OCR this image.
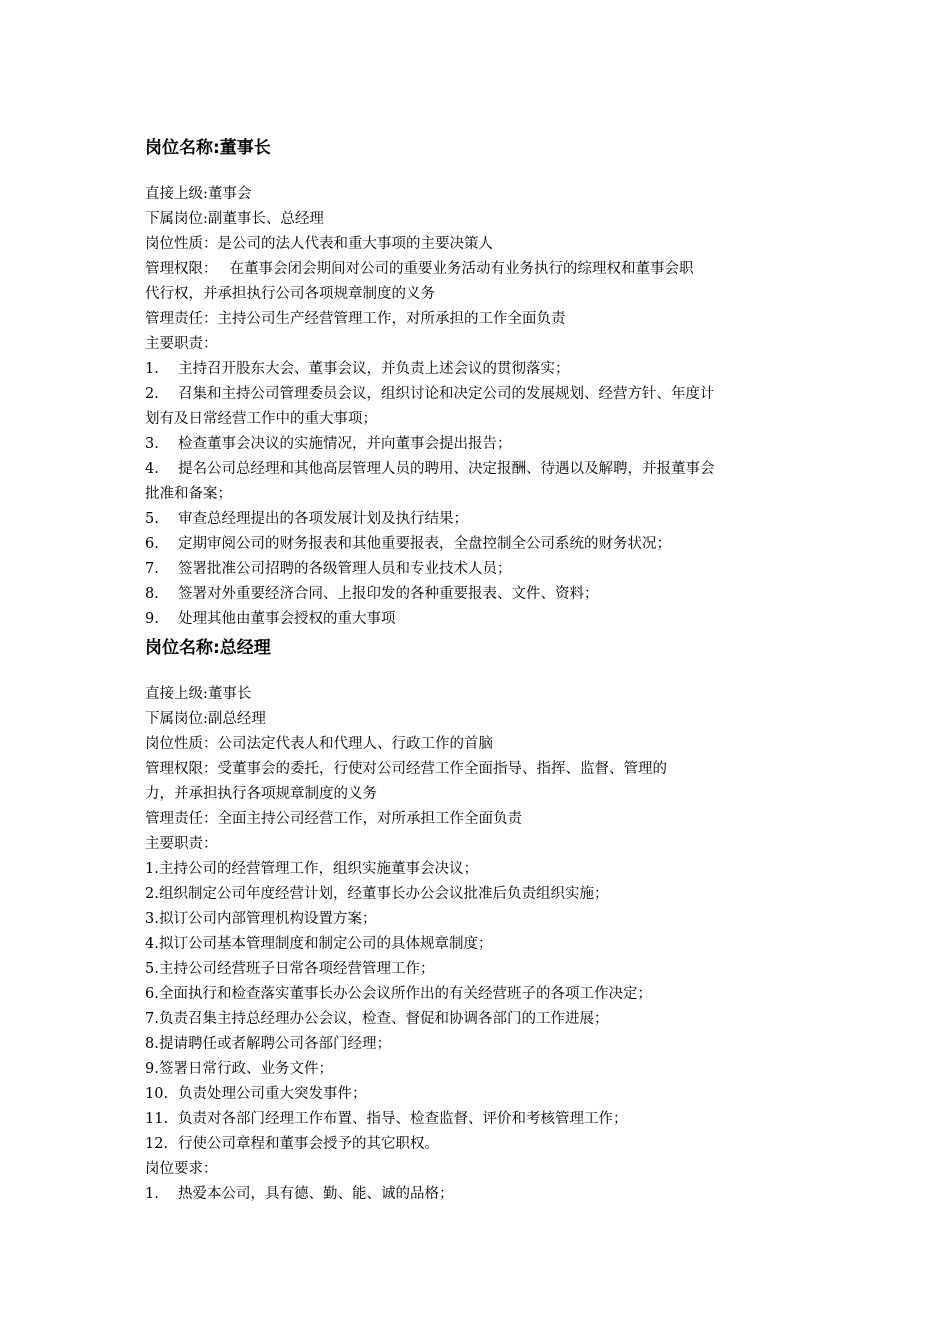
岗位名称:董事长

直接上级:董事会

下属岗位:副董事长、总经理

岗位性质：是公司的法人代表和重大事项的主要决策人

管理权限： 在董事会闭会期间对公司的重要业务活动有业务执行的综理权和董事会职

代行权，并承担执行公司各项规章制度的义务

管理责任：主持公司生产经营管理工作，对所承担的工作全面负责

主要职责：

1. 主持召开股东大会、董事会议，并负责上述会议的贯彻落实；

2. 召集和主持公司管理委员会议，组织讨论和决定公司的发展规划、经营方针、年度计

划有及日常经营工作中的重大事项；

3. 检查董事会决议的实施情况，并向董事会提出报告；

4. 提名公司总经理和其他高层管理人员的聘用、决定报酬、待遇以及解聘，并报董事会

批准和备案；

5. 审查总经理提出的各项发展计划及执行结果；

6. 定期审阅公司的财务报表和其他重要报表，全盘控制全公司系统的财务状况；

7. 签署批准公司招聘的各级管理人员和专业技术人员；

8. 签署对外重要经济合同、上报印发的各种重要报表、文件、资料；

9. 处理其他由董事会授权的重大事项

岗位名称:总经理

直接上级:董事长

下属岗位:副总经理

岗位性质：公司法定代表人和代理人、行政工作的首脑

管理权限：受董事会的委托，行使对公司经营工作全面指导、指挥、监督、管理的

力，并承担执行各项规章制度的义务

管理责任：全面主持公司经营工作，对所承担工作全面负责

主要职责：

1.主持公司的经营管理工作，组织实施董事会决议；

2.组织制定公司年度经营计划，经董事长办公会议批准后负责组织实施；

3.拟订公司内部管理机构设置方案；

4.拟订公司基本管理制度和制定公司的具体规章制度；

5.主持公司经营班子日常各项经营管理工作；

6.全面执行和检查落实董事长办公会议所作出的有关经营班子的各项工作决定；

7.负责召集主持总经理办公会议，检查、督促和协调各部门的工作进展；

8.提请聘任或者解聘公司各部门经理；

9.签署日常行政、业务文件；

10. 负责处理公司重大突发事件；

11. 负责对各部门经理工作布置、指导、检查监督、评价和考核管理工作；

12. 行使公司章程和董事会授予的其它职权。

岗位要求：

1. 热爱本公司，具有德、勤、能、诚的品格；
